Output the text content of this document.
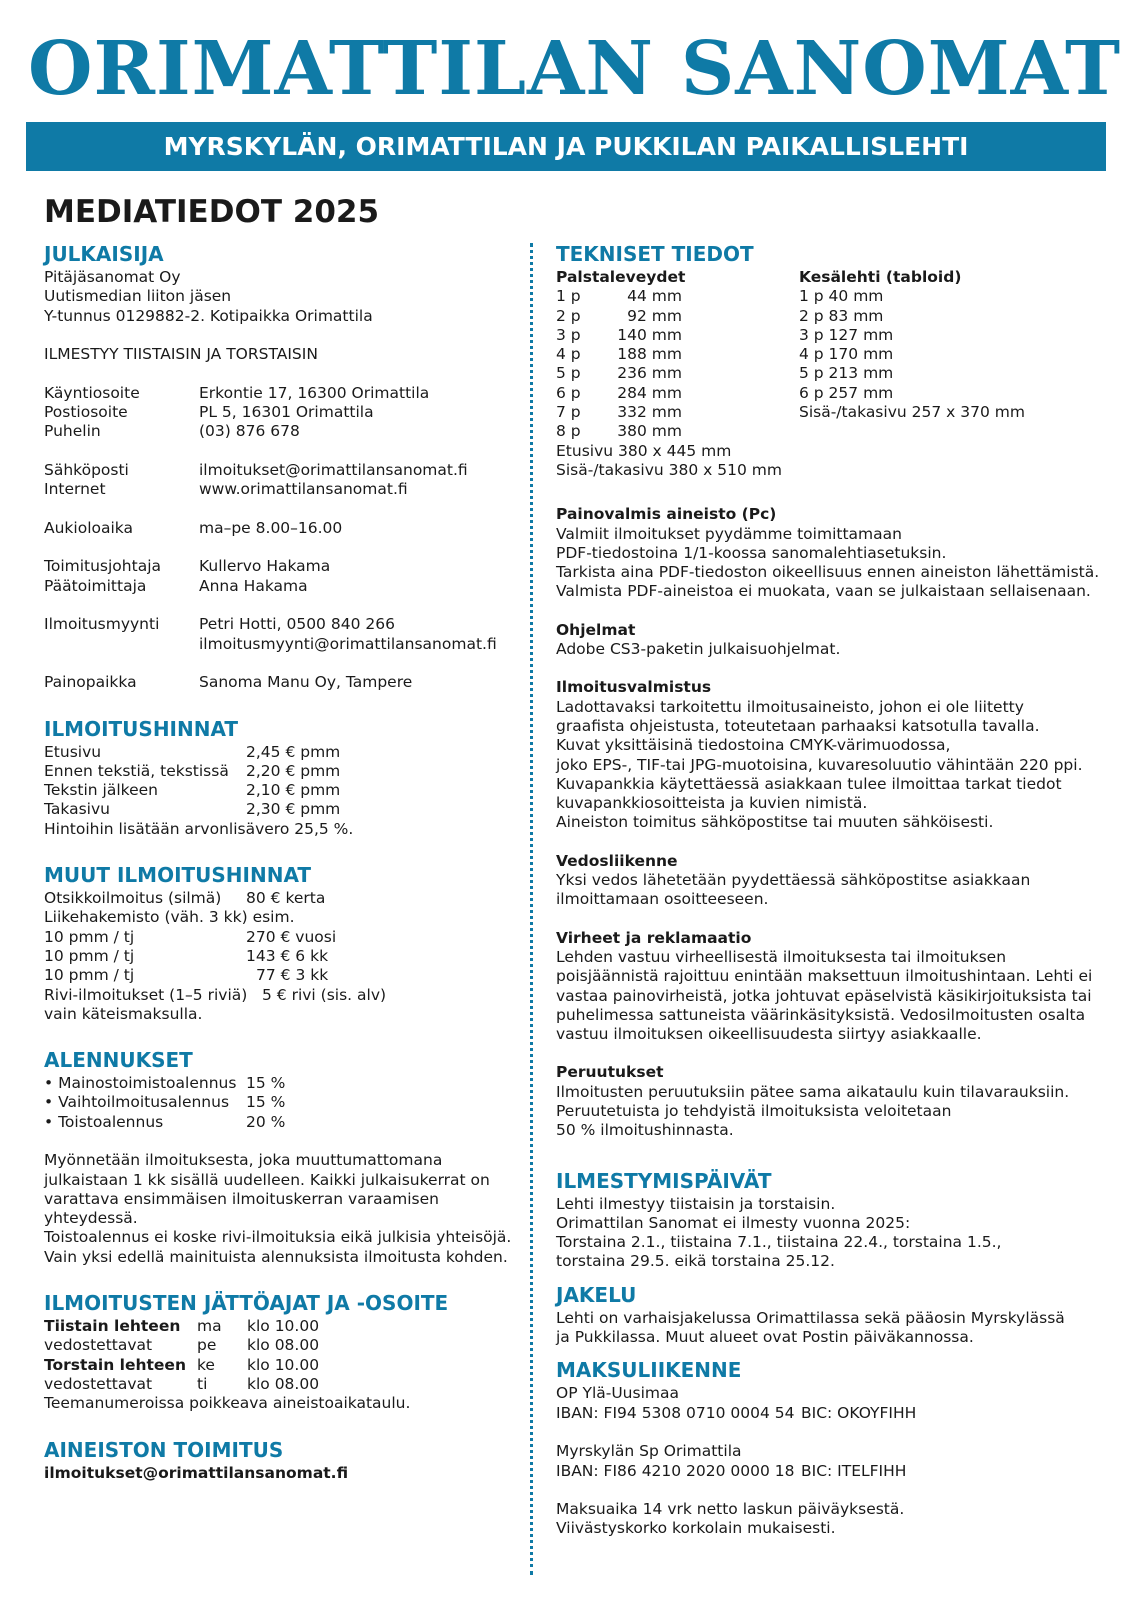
ORIMATTILAN SANOMAT
MYRSKYLÄN, ORIMATTILAN JA PUKKILAN PAIKALLISLEHTI
MEDIATIEDOT 2025
JULKAISIJA
Pitäjäsanomat Oy
Uutismedian liiton jäsen
Y-tunnus 0129882-2. Kotipaikka Orimattila
ILMESTYY TIISTAISIN JA TORSTAISIN
Käyntiosoite	Erkontie 17, 16300 Orimattila
Postiosoite	PL 5, 16301 Orimattila
Puhelin	(03) 876 678
Sähköposti	ilmoitukset@orimattilansanomat.fi
Internet	www.orimattilansanomat.fi
Aukioloaika	ma–pe 8.00–16.00
Toimitusjohtaja	Kullervo Hakama
Päätoimittaja	Anna Hakama
Ilmoitusmyynti	Petri Hotti, 0500 840 266
ilmoitusmyynti@orimattilansanomat.fi
Painopaikka	Sanoma Manu Oy, Tampere
ILMOITUSHINNAT
Etusivu	2,45 € pmm
Ennen tekstiä, tekstissä	2,20 € pmm
Tekstin jälkeen	2,10 € pmm
Takasivu	2,30 € pmm
Hintoihin lisätään arvonlisävero 25,5 %.
MUUT ILMOITUSHINNAT
Otsikkoilmoitus (silmä)	80 € kerta
Liikehakemisto (väh. 3 kk) esim.
10 pmm / tj	270 € vuosi
10 pmm / tj	143 € 6 kk
10 pmm / tj	77 € 3 kk
Rivi-ilmoitukset (1–5 riviä) 5 € rivi (sis. alv)
vain käteismaksulla.
ALENNUKSET
• Mainostoimistoalennus 15 %
• Vaihtoilmoitusalennus	15 %
• Toistoalennus	20 %
Myönnetään ilmoituksesta, joka muuttumattomana
julkaistaan 1 kk sisällä uudelleen. Kaikki julkaisukerrat on
varattava ensimmäisen ilmoituskerran varaamisen
yhteydessä.
Toistoalennus ei koske rivi-ilmoituksia eikä julkisia yhteisöjä.
Vain yksi edellä mainituista alennuksista ilmoitusta kohden.
ILMOITUSTEN JÄTTÖAJAT JA -OSOITE
Tiistain lehteen	ma	klo 10.00
vedostettavat	pe	klo 08.00
Torstain lehteen ke	klo 10.00
vedostettavat	ti	klo 08.00
Teemanumeroissa poikkeava aineistoaikataulu.
AINEISTON TOIMITUS
ilmoitukset@orimattilansanomat.fi
TEKNISET TIEDOT
Palstaleveydet
1 p	44 mm
2 p	92 mm
3 p	140 mm
4 p	188 mm
5 p	236 mm
6 p	284 mm
7 p	332 mm
8 p	380 mm
Etusivu 380 x 445 mm
Sisä-/takasivu 380 x 510 mm
Kesälehti (tabloid)
1 p 40 mm
2 p 83 mm
3 p 127 mm
4 p 170 mm
5 p 213 mm
6 p 257 mm
Sisä-/takasivu 257 x 370 mm
Painovalmis aineisto (Pc)
Valmiit ilmoitukset pyydämme toimittamaan
PDF-tiedostoina 1/1-koossa sanomalehtiasetuksin.
Tarkista aina PDF-tiedoston oikeellisuus ennen aineiston lähettämistä.
Valmista PDF-aineistoa ei muokata, vaan se julkaistaan sellaisenaan.
Ohjelmat
Adobe CS3-paketin julkaisuohjelmat.
Ilmoitusvalmistus
Ladottavaksi tarkoitettu ilmoitusaineisto, johon ei ole liitetty
graafista ohjeistusta, toteutetaan parhaaksi katsotulla tavalla.
Kuvat yksittäisinä tiedostoina CMYK-värimuodossa,
joko EPS-, TIF-tai JPG-muotoisina, kuvaresoluutio vähintään 220 ppi.
Kuvapankkia käytettäessä asiakkaan tulee ilmoittaa tarkat tiedot
kuvapankkiosoitteista ja kuvien nimistä.
Aineiston toimitus sähköpostitse tai muuten sähköisesti.
Vedosliikenne
Yksi vedos lähetetään pyydettäessä sähköpostitse asiakkaan
ilmoittamaan osoitteeseen.
Virheet ja reklamaatio
Lehden vastuu virheellisestä ilmoituksesta tai ilmoituksen
poisjäännistä rajoittuu enintään maksettuun ilmoitushintaan. Lehti ei
vastaa painovirheistä, jotka johtuvat epäselvistä käsikirjoituksista tai
puhelimessa sattuneista väärinkäsityksistä. Vedosilmoitusten osalta
vastuu ilmoituksen oikeellisuudesta siirtyy asiakkaalle.
Peruutukset
Ilmoitusten peruutuksiin pätee sama aikataulu kuin tilavarauksiin.
Peruutetuista jo tehdyistä ilmoituksista veloitetaan
50 % ilmoitushinnasta.
ILMESTYMISPÄIVÄT
Lehti ilmestyy tiistaisin ja torstaisin.
Orimattilan Sanomat ei ilmesty vuonna 2025:
Torstaina 2.1., tiistaina 7.1., tiistaina 22.4., torstaina 1.5.,
torstaina 29.5. eikä torstaina 25.12.
JAKELU
Lehti on varhaisjakelussa Orimattilassa sekä pääosin Myrskylässä
ja Pukkilassa. Muut alueet ovat Postin päiväkannossa.
MAKSULIIKENNE
OP Ylä-Uusimaa
IBAN: FI94 5308 0710 0004 54 BIC: OKOYFIHH
Myrskylän Sp Orimattila
IBAN: FI86 4210 2020 0000 18 BIC: ITELFIHH
Maksuaika 14 vrk netto laskun päiväyksestä.
Viivästyskorko korkolain mukaisesti.
